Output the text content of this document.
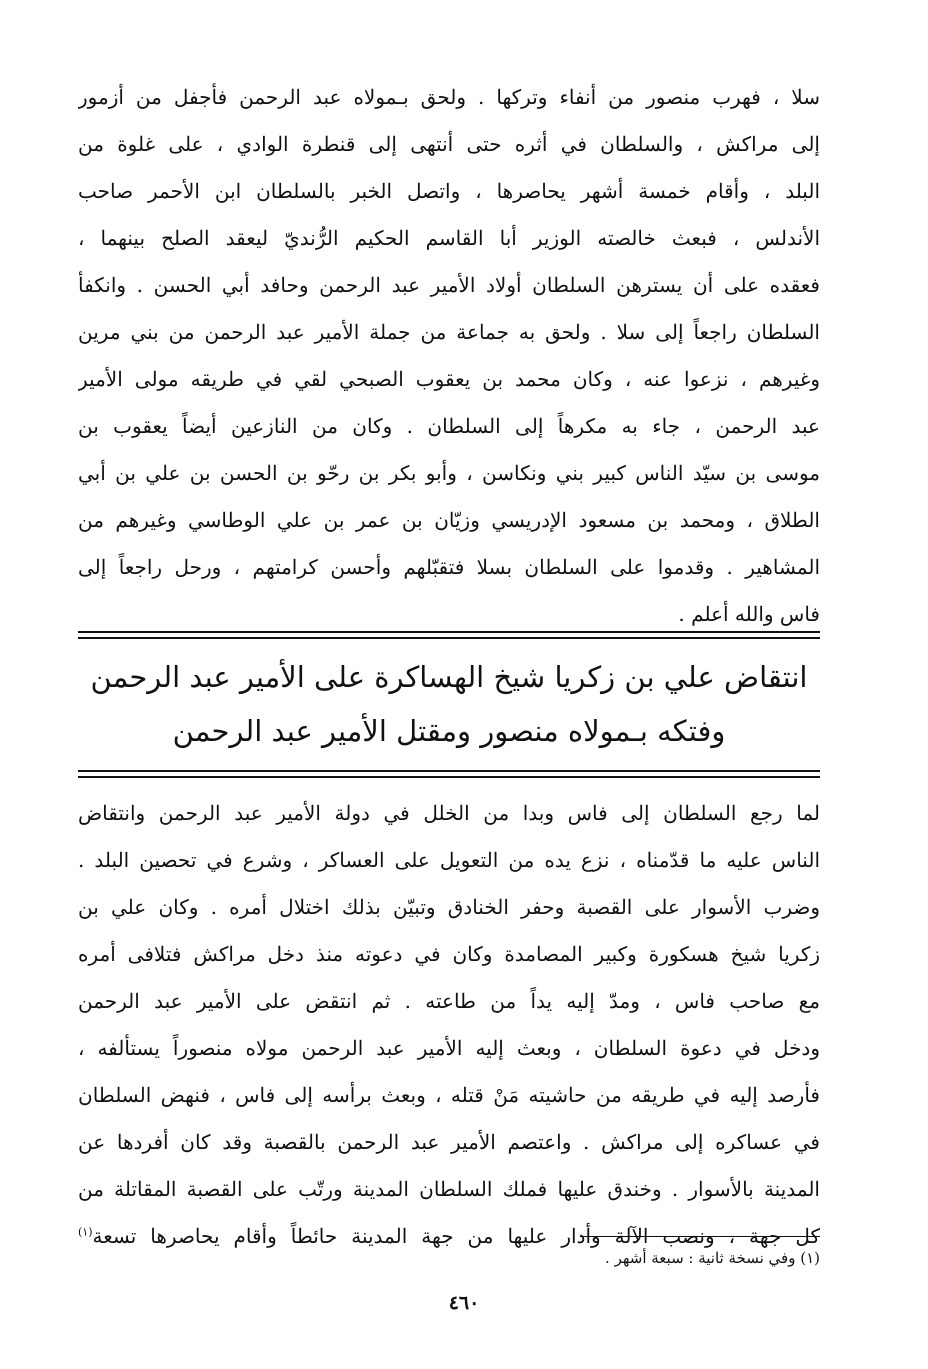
سلا ، فهرب منصور من أنفاء وتركها . ولحق بـمولاه عبد الرحمن فأجفل من أزمور
إلى مراكش ، والسلطان في أثره حتى أنتهى إلى قنطرة الوادي ، على غلوة من
البلد ، وأقام خمسة أشهر يحاصرها ، واتصل الخبر بالسلطان ابن الأحمر صاحب
الأندلس ، فبعث خالصته الوزير أبا القاسم الحكيم الرُّنديّ ليعقد الصلح بينهما ،
فعقده على أن يسترهن السلطان أولاد الأمير عبد الرحمن وحافد أبي الحسن . وانكفأ
السلطان راجعاً إلى سلا . ولحق به جماعة من جملة الأمير عبد الرحمن من بني مرين
وغيرهم ، نزعوا عنه ، وكان محمد بن يعقوب الصبحي لقي في طريقه مولى الأمير
عبد الرحمن ، جاء به مكرهاً إلى السلطان . وكان من النازعين أيضاً يعقوب بن
موسى بن سيّد الناس كبير بني ونكاسن ، وأبو بكر بن رحّو بن الحسن بن علي بن أبي
الطلاق ، ومحمد بن مسعود الإدريسي وزيّان بن عمر بن علي الوطاسي وغيرهم من
المشاهير . وقدموا على السلطان بسلا فتقبّلهم وأحسن كرامتهم ، ورحل راجعاً إلى
فاس والله أعلم .
انتقاض علي بن زكريا شيخ الهساكرة على الأمير عبد الرحمن
وفتكه بـمولاه منصور ومقتل الأمير عبد الرحمن
لما رجع السلطان إلى فاس وبدا من الخلل في دولة الأمير عبد الرحمن وانتقاض
الناس عليه ما قدّمناه ، نزع يده من التعويل على العساكر ، وشرع في تحصين البلد .
وضرب الأسوار على القصبة وحفر الخنادق وتبيّن بذلك اختلال أمره . وكان علي بن
زكريا شيخ هسكورة وكبير المصامدة وكان في دعوته منذ دخل مراكش فتلافى أمره
مع صاحب فاس ، ومدّ إليه يداً من طاعته . ثم انتقض على الأمير عبد الرحمن
ودخل في دعوة السلطان ، وبعث إليه الأمير عبد الرحمن مولاه منصوراً يستألفه ،
فأرصد إليه في طريقه من حاشيته مَنْ قتله ، وبعث برأسه إلى فاس ، فنهض السلطان
في عساكره إلى مراكش . واعتصم الأمير عبد الرحمن بالقصبة وقد كان أفردها عن
المدينة بالأسوار . وخندق عليها فملك السلطان المدينة ورتّب على القصبة المقاتلة من
كل جهة ، ونصب الآلة وأدار عليها من جهة المدينة حائطاً وأقام يحاصرها تسعة$^{(١)}$
(١) وفي نسخة ثانية : سبعة أشهر .
٤٦٠
